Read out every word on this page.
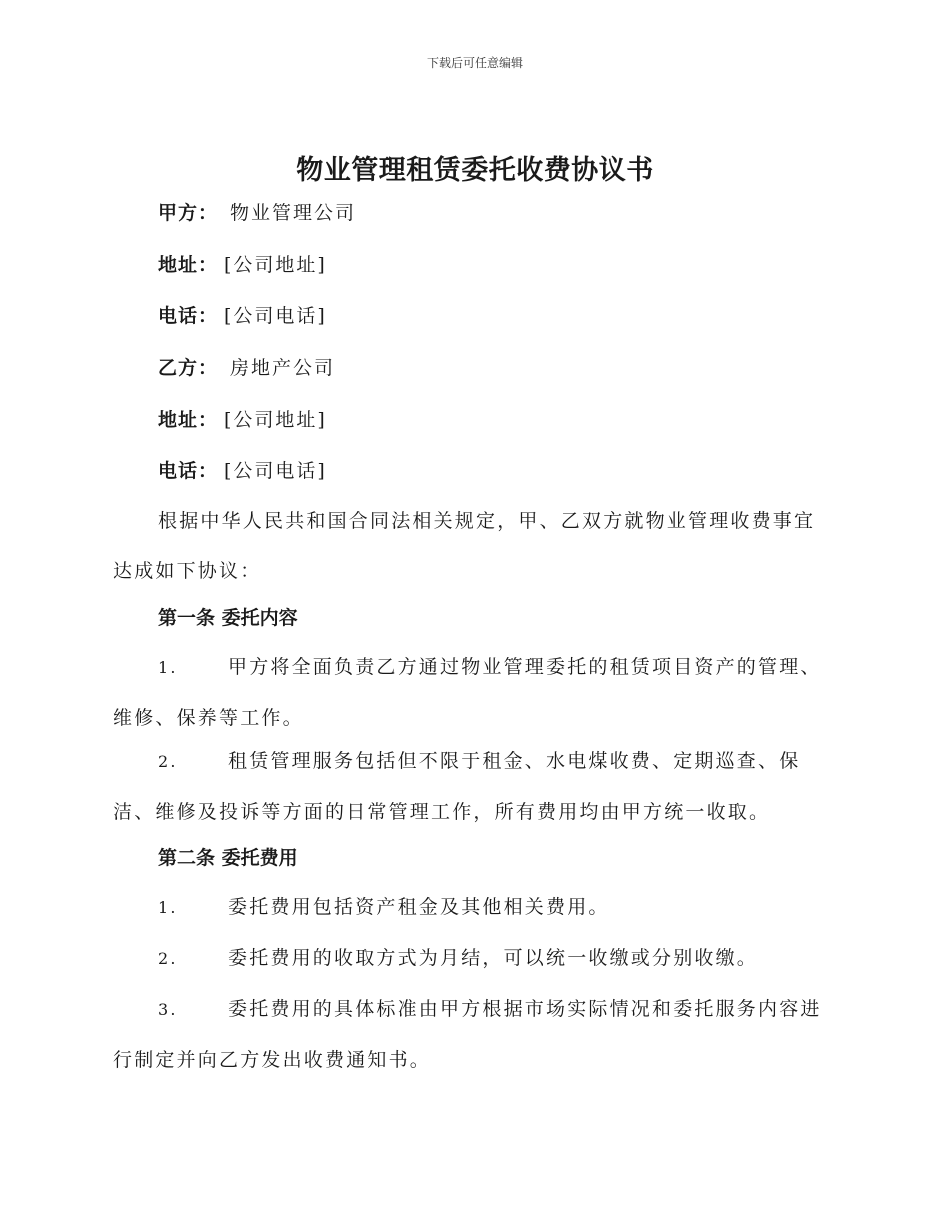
下载后可任意编辑
物业管理租赁委托收费协议书
甲方： 物业管理公司
地址： [公司地址]
电话： [公司电话]
乙方： 房地产公司
地址： [公司地址]
电话： [公司电话]
根据中华人民共和国合同法相关规定，甲、乙双方就物业管理收费事宜
达成如下协议：
第一条 委托内容
1.	甲方将全面负责乙方通过物业管理委托的租赁项目资产的管理、
维修、保养等工作。
2.	租赁管理服务包括但不限于租金、水电煤收费、定期巡查、保
洁、维修及投诉等方面的日常管理工作，所有费用均由甲方统一收取。
第二条 委托费用
1.	委托费用包括资产租金及其他相关费用。
2.	委托费用的收取方式为月结，可以统一收缴或分别收缴。
3.	委托费用的具体标准由甲方根据市场实际情况和委托服务内容进
行制定并向乙方发出收费通知书。
